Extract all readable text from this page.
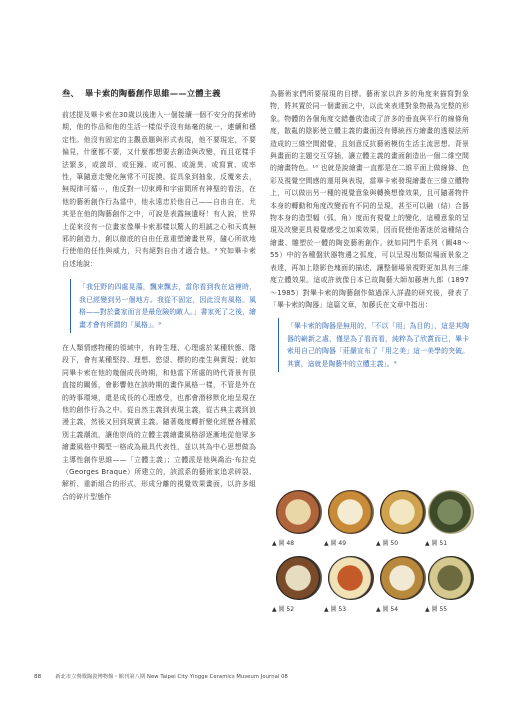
叁、 畢卡索的陶藝創作思維——立體主義

前述提及畢卡索在30歲以後進入一個接續一個不安分的探索時期，他的作品和他的生活一樣似乎沒有絲毫的統一、連續和穩定性。他沒有固定的主觀意題與形式表現，他不要現定，不要偏見，什麼都不要，又什麼都想要去創造與改變，而且花樣手法繁多，或激昂、或狂躁、或可親、或詭異、或寫實、或率性，筆隨意走變化無常不可捉摸。從具象到抽象，反覆來去，無規律可循⋯，他反對一切束縛和宇宙間所有神聖的看法，在他的藝術創作行為當中，他永遠忠於他自己——自由自在，尤其是在他的陶藝創作之中，可說是表露無遺呀！有人說，世界上從來沒有一位畫家像畢卡索那樣以驚人的坦誠之心和天真無邪的創造力，創以徹底的自由任意重塑繪畫世界，隨心所欲地行使他的任性與威力，只有絕對自由才適合他。⁹ 究如畢卡索自述地說：

「我狂野的四處晃蕩，飄來飄去，當你看到我在這裡時，我已經變到另一個地方。我從不固定，因此沒有風格。風格——對於畫家而言是最危險的敵人。」書家死了之後，繪畫才會有所謂的「風格」。⁹

在人類情感物種的領域中，有時生理、心理處於某種狀態、階段下，會有某種堅持、理想、慾望、標的的產生與實現；就如同畢卡索在他的幾個成長時期，和他當下所處的時代背景有很直接的關係，會影響他在該時期的畫作風格一樣，不管是外在的時事環境，還是成長的心理感受，也都會潛移默化地呈現在他的創作行為之中。從自然主義到表現主義，從古典主義到浪漫主義，然後又回到現實主義。隨著幾度轉折變化經歷各種派別主義潮流，讓他崇尚的立體主義繪畫風格卻逐漸地從他眾多繪畫風格中獨堅一格成為最具代表性，並以其為中心思想做為主導性創作思維——「立體主義」；立體派是他與喬治·布拉克（Georges Braque）所建立的，該派系的藝術家追求碎裂、解析、重新組合的形式，形成分離的視覺效果畫面，以許多組合的碎片型態作

為藝術家們所要展現的目標。藝術家以許多的角度來描寫對象物，將其置於同一個畫面之中，以此來表達對象物最為完整的形象。物體的各個角度交錯疊放造成了許多的垂直與平行的線條角度，散亂的陰影使立體主義的畫面沒有傳統西方繪畫的透視法所造成的三維空間錯覺，且刻意反抗藝術模仿生活主流思想。背景與畫面的主題交互穿插，讓立體主義的畫面創造出一個二維空間的繪畫特色。¹⁰ 也就是說繪畫一直都是在二維平面上做線條、色彩及視覺空間感的運用與表現，當畢卡索發現繪畫在三維立體物上，可以做出另一種的視覺意象與轉換想像效果，且可隨著物件本身的轉動和角度改變而有不同的呈現，甚至可以融（結）合器物本身的造型幅（弧，角）度而有視覺上的變化，這種意象的呈現及改變更具視覺感受之加乘效果，因而促使他著迷於這種結合繪畫、雕塑於一體的陶瓷藝術創作。就如同門牛系列（圖48～55）中的各種盤狀器物邊之弧度，可以呈現出類似場面景象之表達，再加上陰影色塊面的描述，讓整個場景視野更加具有三維度立體效果。這或許就像日本已故陶藝大師加藤唐九郎（1897～1985）對畢卡索的陶藝創作做過深入詳盡的研究後，發表了「畢卡索的陶器」這篇文章，加藤氏在文章中指出：

「畢卡索的陶器是無用的，「不以「用」為目的」，這是其陶器的嶄新之處，僅是為了看而看，純粹為了欣賞而已，畢卡索用自己的陶器「莊嚴宣布了「用之美」這一美學的突破。其實，這就是陶藝中的立體主義」。⁹
▲ 圖 48	▲ 圖 49	▲ 圖 50	▲ 圖 51
▲ 圖 52	▲ 圖 53	▲ 圖 54	▲ 圖 55
88	新北市立鶯歌陶瓷博物館・館刊第八期 New Taipei City Yingge Ceramics Museum Journal 08
